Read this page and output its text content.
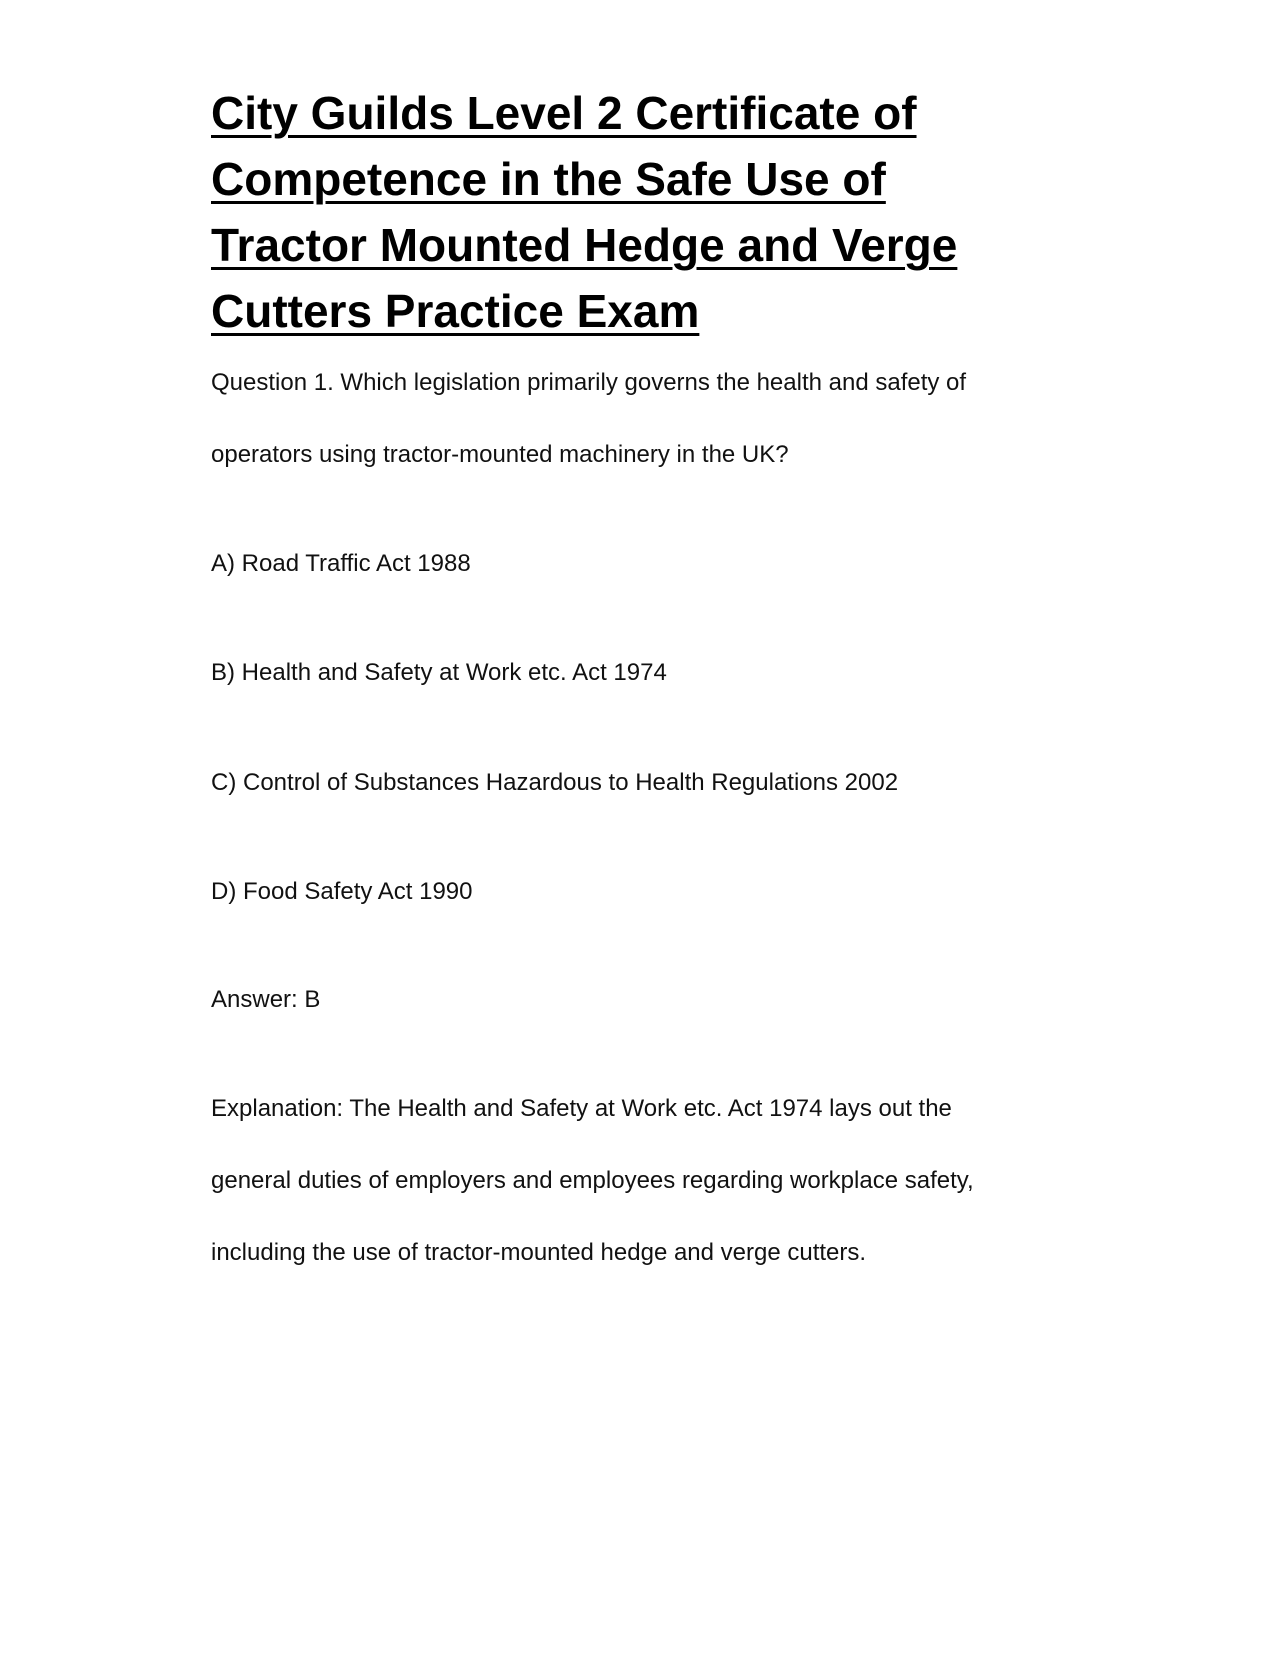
City Guilds Level 2 Certificate of Competence in the Safe Use of Tractor Mounted Hedge and Verge Cutters Practice Exam

Question 1. Which legislation primarily governs the health and safety of

operators using tractor-mounted machinery in the UK?

A) Road Traffic Act 1988

B) Health and Safety at Work etc. Act 1974

C) Control of Substances Hazardous to Health Regulations 2002

D) Food Safety Act 1990

Answer: B

Explanation: The Health and Safety at Work etc. Act 1974 lays out the

general duties of employers and employees regarding workplace safety,

including the use of tractor-mounted hedge and verge cutters.
